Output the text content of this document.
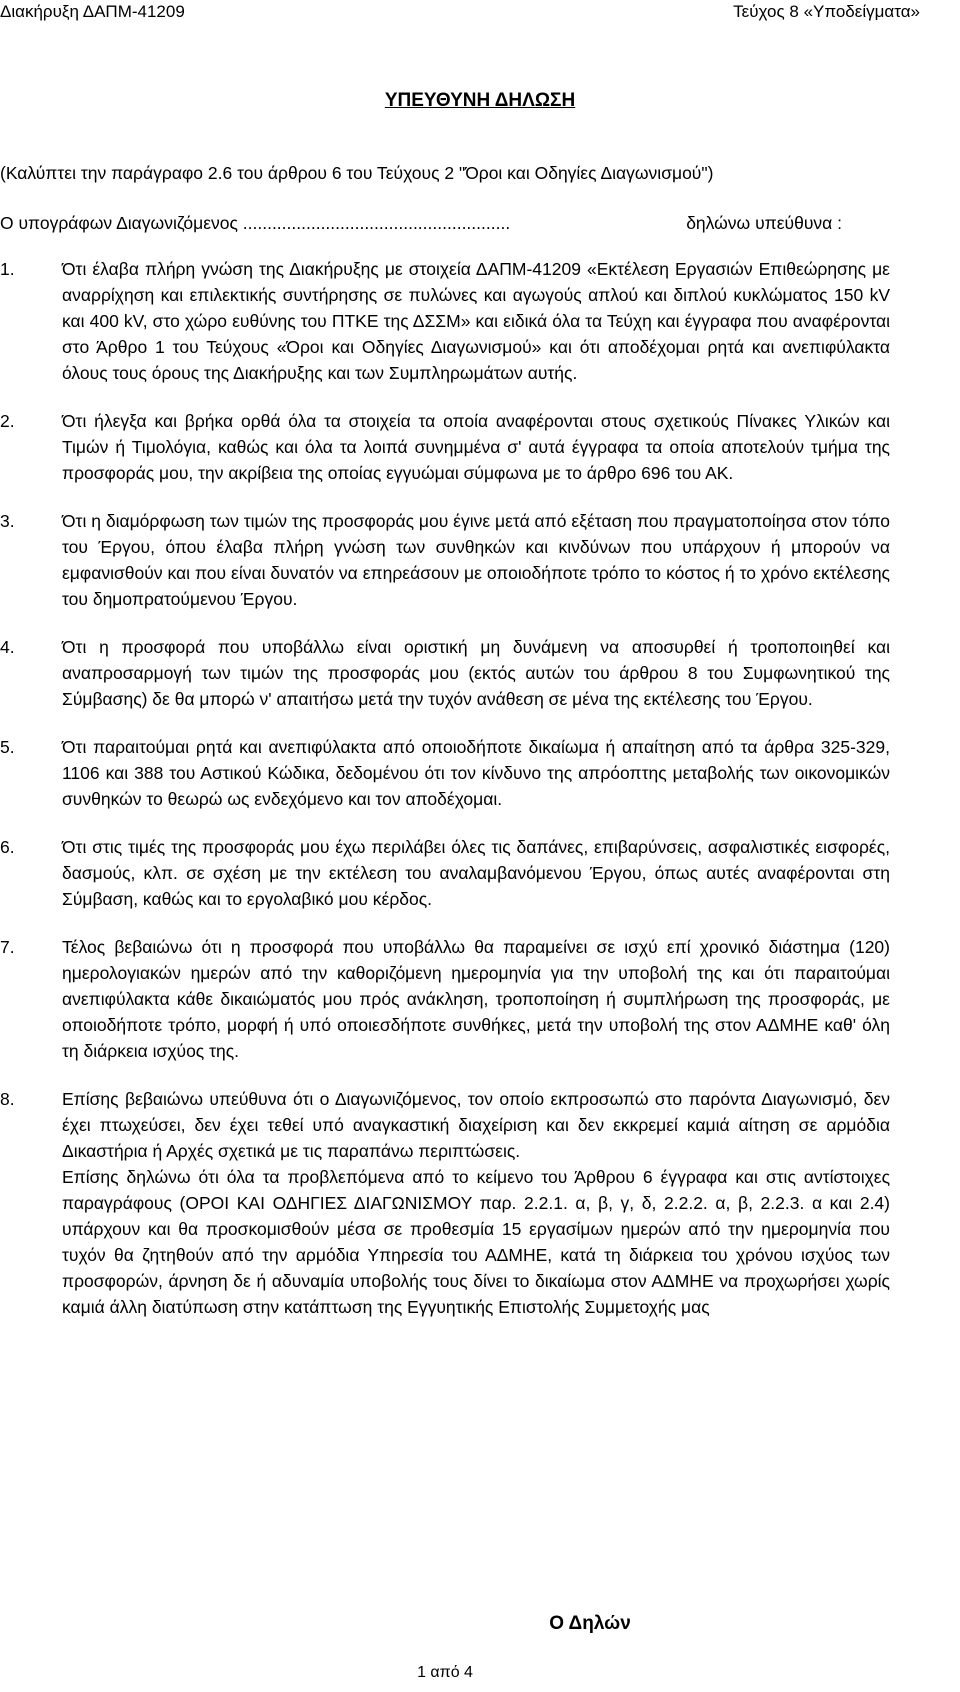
Διακήρυξη ΔΑΠΜ-41209	Τεύχος 8 «Υποδείγματα»
ΥΠΕΥΘΥΝΗ ΔΗΛΩΣΗ
(Καλύπτει την παράγραφο 2.6 του άρθρου 6 του Τεύχους 2 "Όροι και Οδηγίες Διαγωνισμού")
Ο υπογράφων Διαγωνιζόμενος .......................................................	δηλώνω υπεύθυνα :
1.	Ότι έλαβα πλήρη γνώση της Διακήρυξης με στοιχεία ΔΑΠΜ-41209 «Εκτέλεση Εργασιών Επιθεώρησης με αναρρίχηση και επιλεκτικής συντήρησης σε πυλώνες και αγωγούς απλού και διπλού κυκλώματος 150 kV και 400 kV, στο χώρο ευθύνης του ΠΤΚΕ της ΔΣΣΜ» και ειδικά όλα τα Τεύχη και έγγραφα που αναφέρονται στο Άρθρο 1 του Τεύχους «Όροι και Οδηγίες Διαγωνισμού» και ότι αποδέχομαι ρητά και ανεπιφύλακτα όλους τους όρους της Διακήρυξης και των Συμπληρωμάτων αυτής.

2.	Ότι ήλεγξα και βρήκα ορθά όλα τα στοιχεία τα οποία αναφέρονται στους σχετικούς Πίνακες Υλικών και Τιμών ή Τιμολόγια, καθώς και όλα τα λοιπά συνημμένα σ' αυτά έγγραφα τα οποία αποτελούν τμήμα της προσφοράς μου, την ακρίβεια της οποίας εγγυώμαι σύμφωνα με το άρθρο 696 του ΑΚ.

3.	Ότι η διαμόρφωση των τιμών της προσφοράς μου έγινε μετά από εξέταση που πραγματοποίησα στον τόπο του Έργου, όπου έλαβα πλήρη γνώση των συνθηκών και κινδύνων που υπάρχουν ή μπορούν να εμφανισθούν και που είναι δυνατόν να επηρεάσουν με οποιοδήποτε τρόπο το κόστος ή το χρόνο εκτέλεσης του δημοπρατούμενου Έργου.

4.	Ότι η προσφορά που υποβάλλω είναι οριστική μη δυνάμενη να αποσυρθεί ή τροποποιηθεί και αναπροσαρμογή των τιμών της προσφοράς μου (εκτός αυτών του άρθρου 8 του Συμφωνητικού της Σύμβασης) δε θα μπορώ ν' απαιτήσω μετά την τυχόν ανάθεση σε μένα της εκτέλεσης του Έργου.

5.	Ότι παραιτούμαι ρητά και ανεπιφύλακτα από οποιοδήποτε δικαίωμα ή απαίτηση από τα άρθρα 325-329, 1106 και 388 του Αστικού Κώδικα, δεδομένου ότι τον κίνδυνο της απρόοπτης μεταβολής των οικονομικών συνθηκών το θεωρώ ως ενδεχόμενο και τον αποδέχομαι.

6.	Ότι στις τιμές της προσφοράς μου έχω περιλάβει όλες τις δαπάνες, επιβαρύνσεις, ασφαλιστικές εισφορές, δασμούς, κλπ. σε σχέση με την εκτέλεση του αναλαμβανόμενου Έργου, όπως αυτές αναφέρονται στη Σύμβαση, καθώς και το εργολαβικό μου κέρδος.

7.	Τέλος βεβαιώνω ότι η προσφορά που υποβάλλω θα παραμείνει σε ισχύ επί χρονικό διάστημα (120) ημερολογιακών ημερών από την καθοριζόμενη ημερομηνία για την υποβολή της και ότι παραιτούμαι ανεπιφύλακτα κάθε δικαιώματός μου πρός ανάκληση, τροποποίηση ή συμπλήρωση της προσφοράς, με οποιοδήποτε τρόπο, μορφή ή υπό οποιεσδήποτε συνθήκες, μετά την υποβολή της στον ΑΔΜΗΕ καθ' όλη τη διάρκεια ισχύος της.

8.	Επίσης βεβαιώνω υπεύθυνα ότι ο Διαγωνιζόμενος, τον οποίο εκπροσωπώ στο παρόντα Διαγωνισμό, δεν έχει πτωχεύσει, δεν έχει τεθεί υπό αναγκαστική διαχείριση και δεν εκκρεμεί καμιά αίτηση σε αρμόδια Δικαστήρια ή Αρχές σχετικά με τις παραπάνω περιπτώσεις.

Επίσης δηλώνω ότι όλα τα προβλεπόμενα από το κείμενο του Άρθρου 6 έγγραφα και στις αντίστοιχες παραγράφους (ΟΡΟΙ ΚΑΙ ΟΔΗΓΙΕΣ ΔΙΑΓΩΝΙΣΜΟΥ παρ. 2.2.1. α, β, γ, δ, 2.2.2. α, β, 2.2.3. α και 2.4) υπάρχουν και θα προσκομισθούν μέσα σε προθεσμία 15 εργασίμων ημερών από την ημερομηνία που τυχόν θα ζητηθούν από την αρμόδια Υπηρεσία του ΑΔΜΗΕ, κατά τη διάρκεια του χρόνου ισχύος των προσφορών, άρνηση δε ή αδυναμία υποβολής τους δίνει το δικαίωμα στον ΑΔΜΗΕ να προχωρήσει χωρίς καμιά άλλη διατύπωση στην κατάπτωση της Εγγυητικής Επιστολής Συμμετοχής μας

Ο Δηλών
1 από 4
